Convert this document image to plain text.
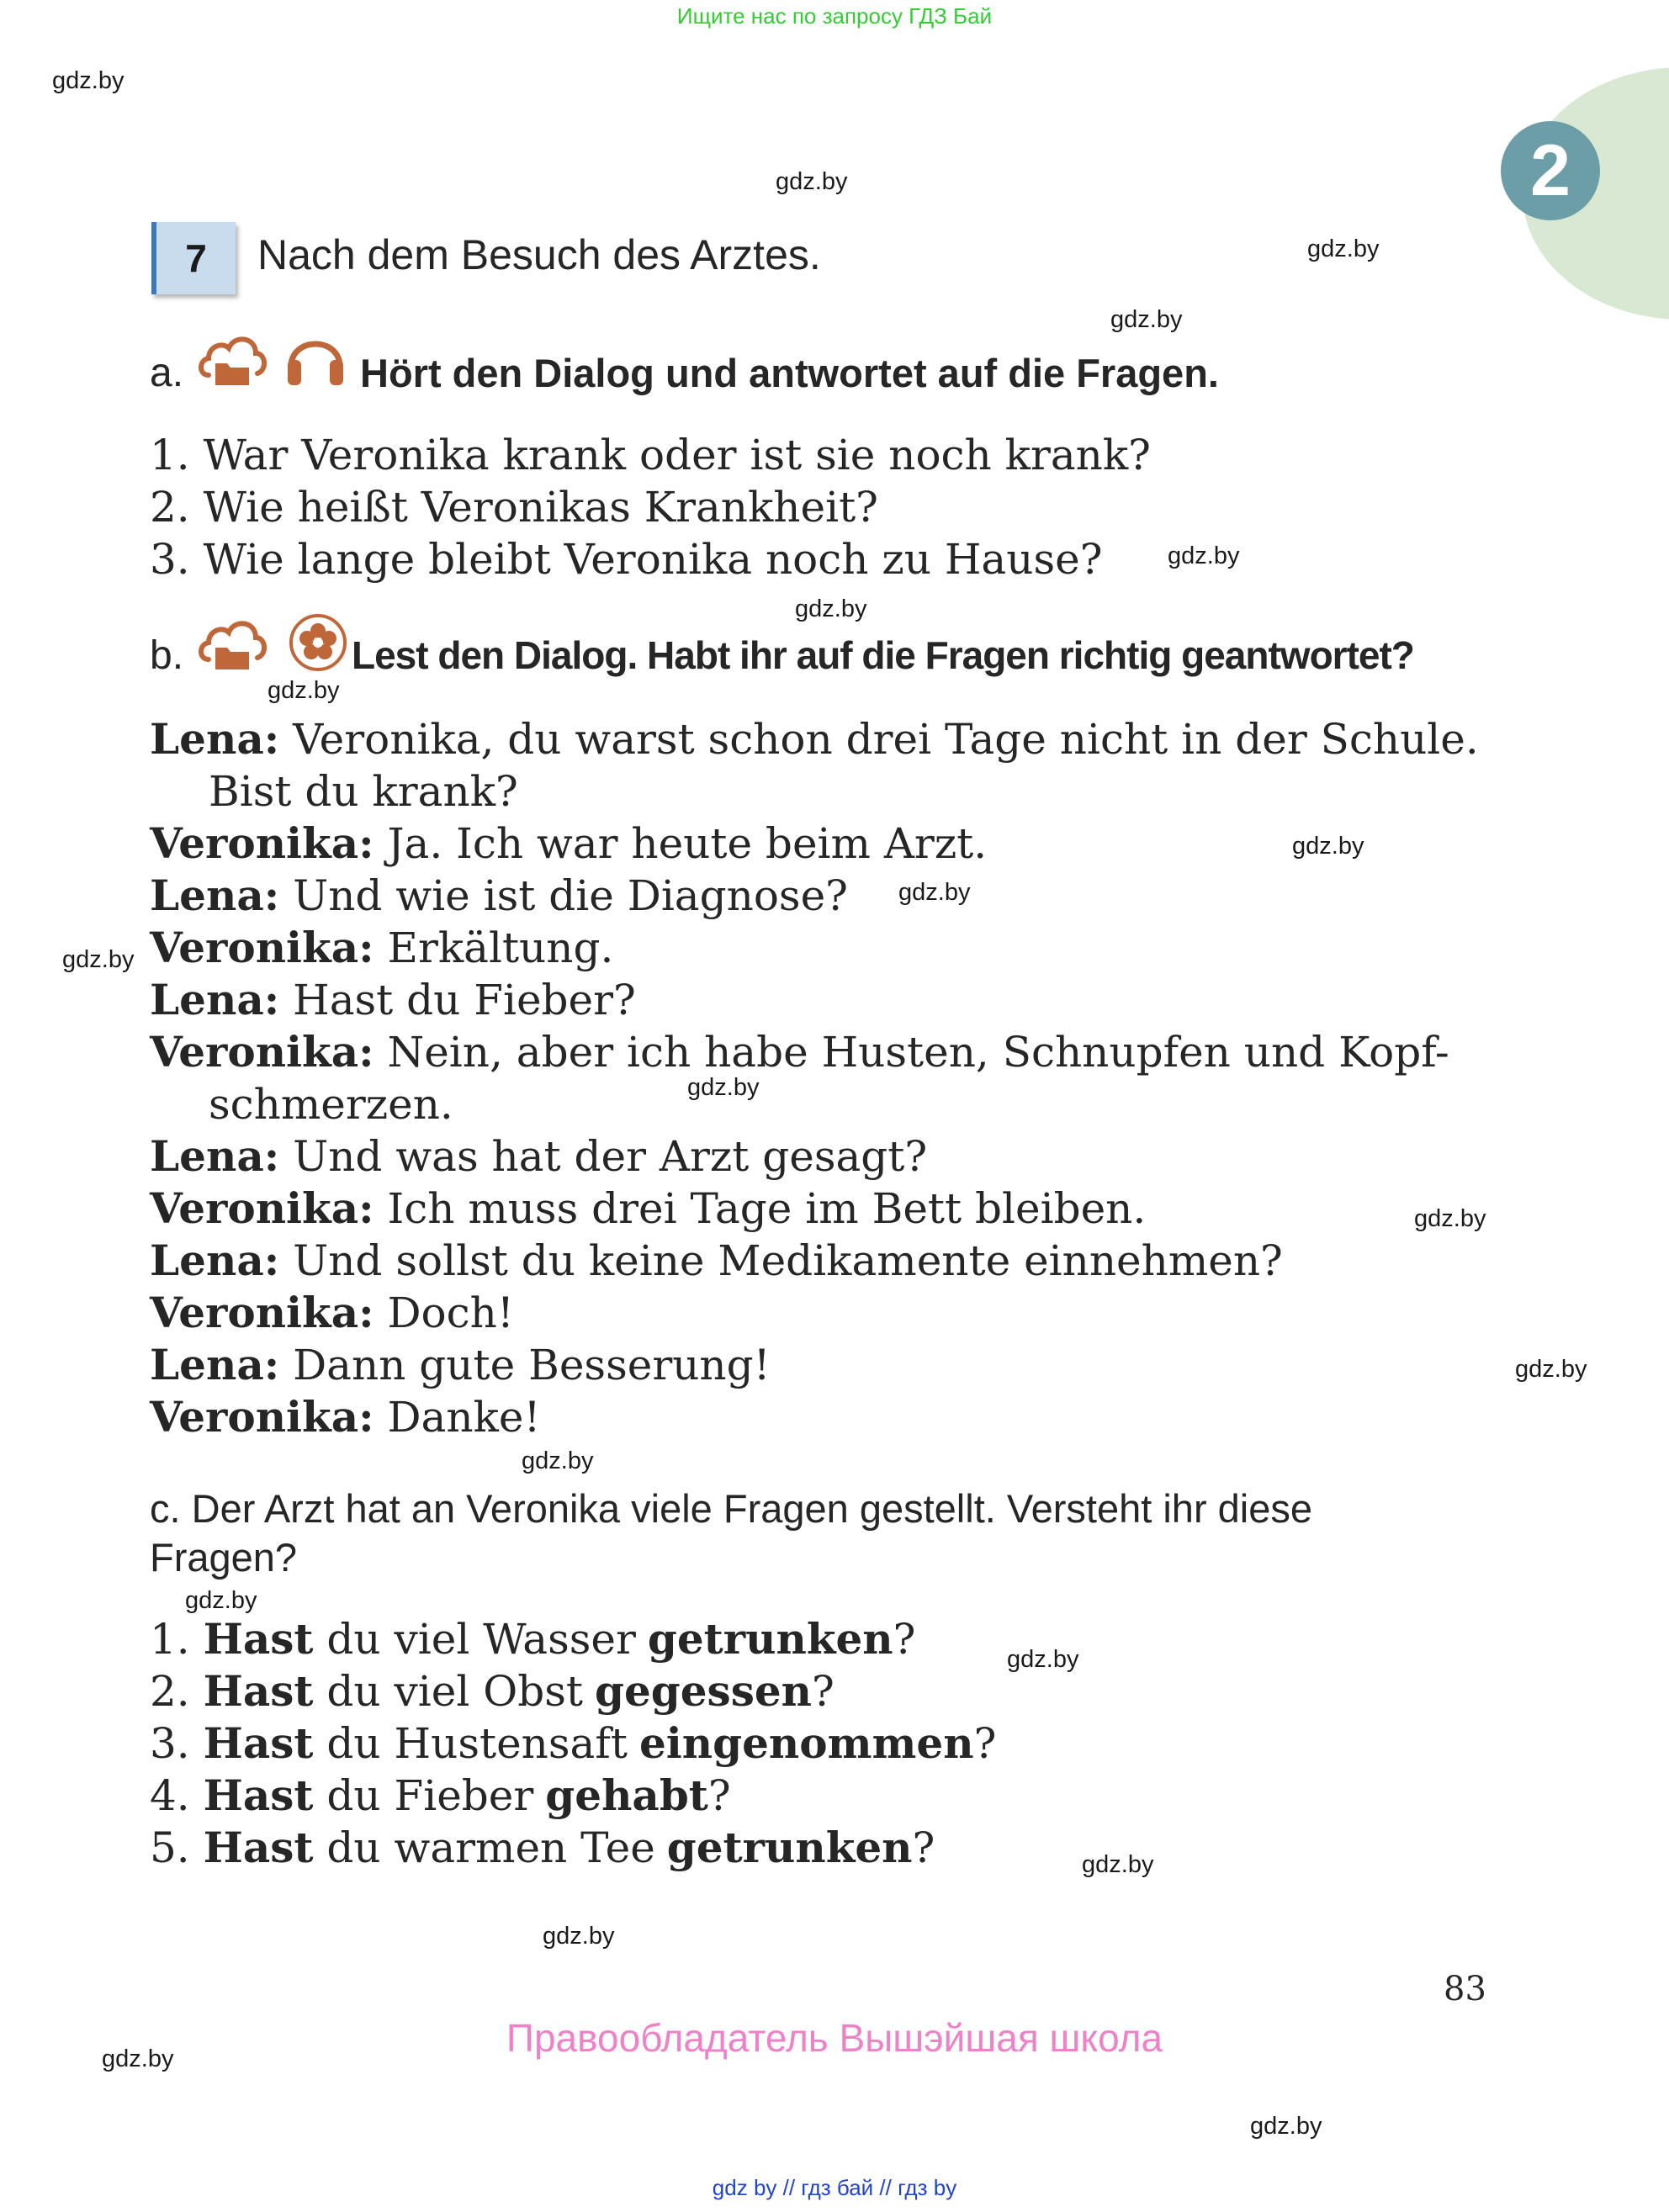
2
Ищите нас по запросу ГДЗ Бай
gdz.by
gdz.by
gdz.by
gdz.by
gdz.by
gdz.by
gdz.by
gdz.by
gdz.by
gdz.by
gdz.by
gdz.by
gdz.by
gdz.by
gdz.by
gdz.by
gdz.by
gdz.by
gdz.by
gdz.by
7	Nach dem Besuch des Arztes.
a.	Hört den Dialog und antwortet auf die Fragen.
1. War Veronika krank oder ist sie noch krank?
2. Wie heißt Veronikas Krankheit?
3. Wie lange bleibt Veronika noch zu Hause?
b.	Lest den Dialog. Habt ihr auf die Fragen richtig geantwortet?
Lena: Veronika, du warst schon drei Tage nicht in der Schule.
Bist du krank?
Veronika: Ja. Ich war heute beim Arzt.
Lena: Und wie ist die Diagnose?
Veronika: Erkältung.
Lena: Hast du Fieber?
Veronika: Nein, aber ich habe Husten, Schnupfen und Kopf-
schmerzen.
Lena: Und was hat der Arzt gesagt?
Veronika: Ich muss drei Tage im Bett bleiben.
Lena: Und sollst du keine Medikamente einnehmen?
Veronika: Doch!
Lena: Dann gute Besserung!
Veronika: Danke!
c. Der Arzt hat an Veronika viele Fragen gestellt. Versteht ihr diese
Fragen?
1. Hast du viel Wasser getrunken?
2. Hast du viel Obst gegessen?
3. Hast du Hustensaft eingenommen?
4. Hast du Fieber gehabt?
5. Hast du warmen Tee getrunken?
83
Правообладатель Вышэйшая школа
gdz by // гдз бай // гдз by
